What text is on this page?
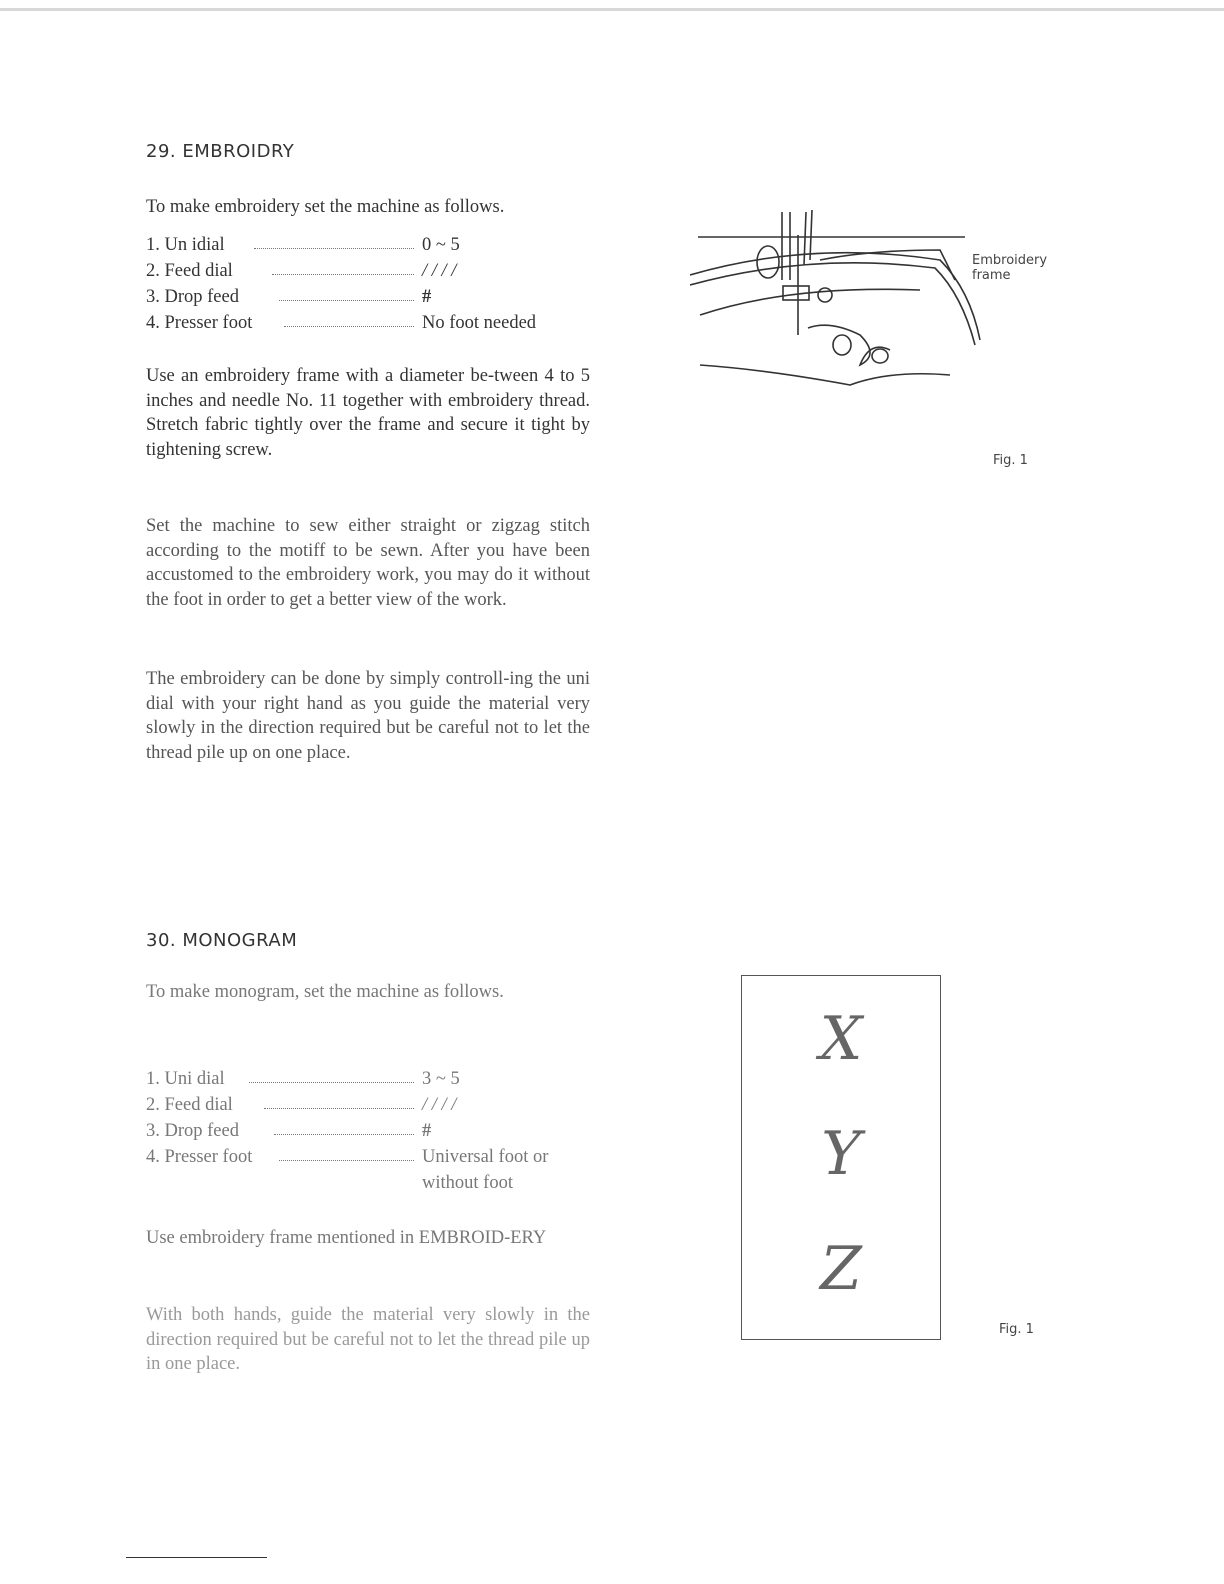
29. EMBROIDRY

To make embroidery set the machine as follows.

1. Un idial	0 ~ 5
2. Feed dial	/ / / /
3. Drop feed	#
4. Presser foot	No foot needed

Use an embroidery frame with a diameter be-tween 4 to 5 inches and needle No. 11 together with embroidery thread. Stretch fabric tightly over the frame and secure it tight by tightening screw.

Set the machine to sew either straight or zigzag stitch according to the motiff to be sewn. After you have been accustomed to the embroidery work, you may do it without the foot in order to get a better view of the work.

The embroidery can be done by simply controll-ing the uni dial with your right hand as you guide the material very slowly in the direction required but be careful not to let the thread pile up on one place.

Embroidery
frame
Fig. 1
30. MONOGRAM

To make monogram, set the machine as follows.

1. Uni dial	3 ~ 5
2. Feed dial	/ / / /
3. Drop feed	#
4. Presser foot	Universal foot or
without foot

Use embroidery frame mentioned in EMBROID-ERY

With both hands, guide the material very slowly in the direction required but be careful not to let the thread pile up in one place.

X
Y
Z
Fig. 1
